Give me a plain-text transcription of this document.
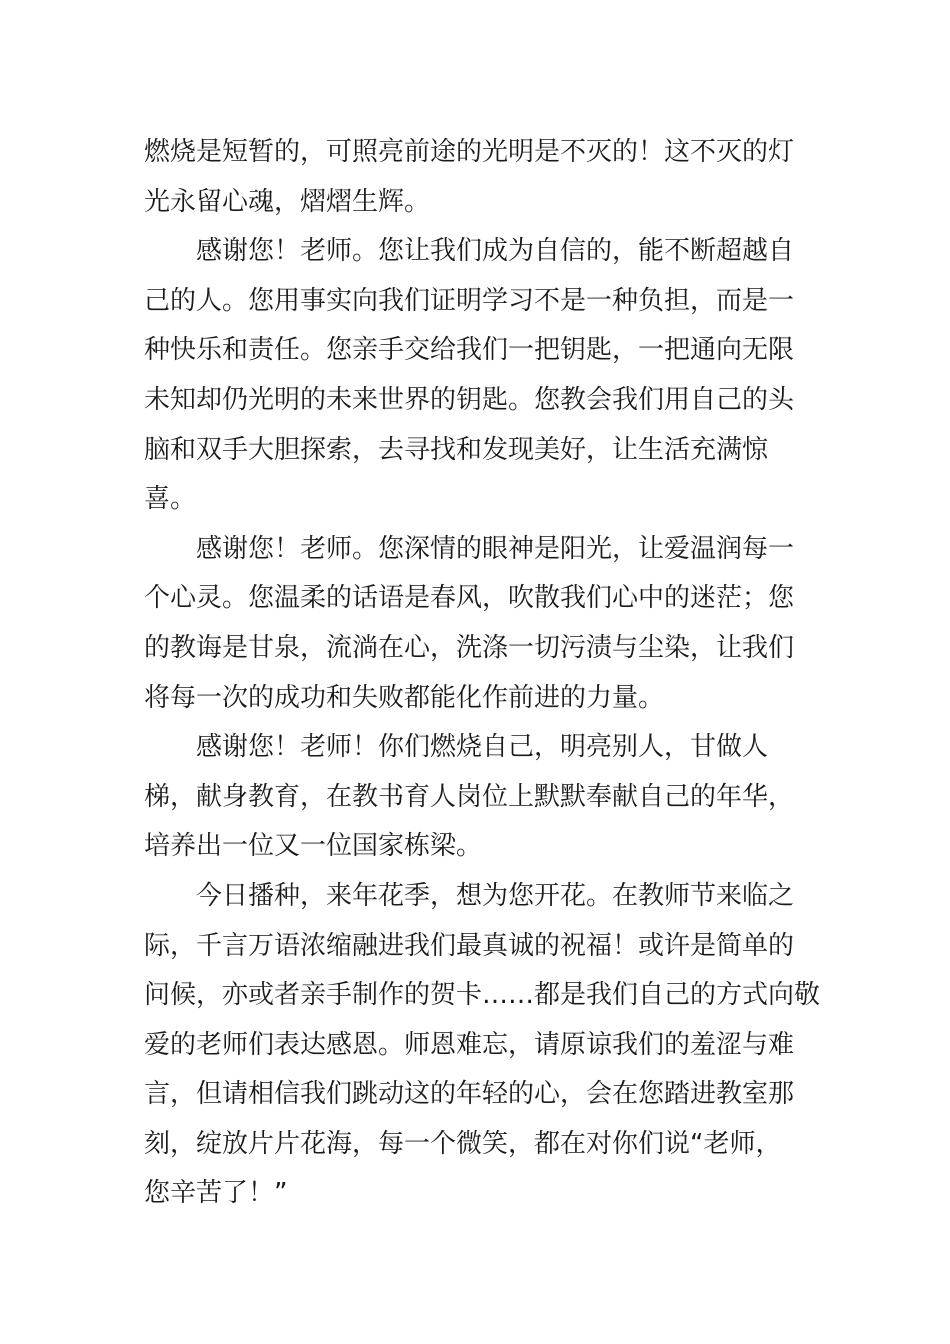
燃烧是短暂的，可照亮前途的光明是不灭的！这不灭的灯
光永留心魂，熠熠生辉。
感谢您！老师。您让我们成为自信的，能不断超越自
己的人。您用事实向我们证明学习不是一种负担，而是一
种快乐和责任。您亲手交给我们一把钥匙，一把通向无限
未知却仍光明的未来世界的钥匙。您教会我们用自己的头
脑和双手大胆探索，去寻找和发现美好，让生活充满惊
喜。
感谢您！老师。您深情的眼神是阳光，让爱温润每一
个心灵。您温柔的话语是春风，吹散我们心中的迷茫；您
的教诲是甘泉，流淌在心，洗涤一切污渍与尘染，让我们
将每一次的成功和失败都能化作前进的力量。
感谢您！老师！你们燃烧自己，明亮别人，甘做人
梯，献身教育，在教书育人岗位上默默奉献自己的年华，
培养出一位又一位国家栋梁。
今日播种，来年花季，想为您开花。在教师节来临之
际，千言万语浓缩融进我们最真诚的祝福！或许是简单的
问候，亦或者亲手制作的贺卡……都是我们自己的方式向敬
爱的老师们表达感恩。师恩难忘，请原谅我们的羞涩与难
言，但请相信我们跳动这的年轻的心，会在您踏进教室那
刻，绽放片片花海，每一个微笑，都在对你们说“老师，
您辛苦了！”
